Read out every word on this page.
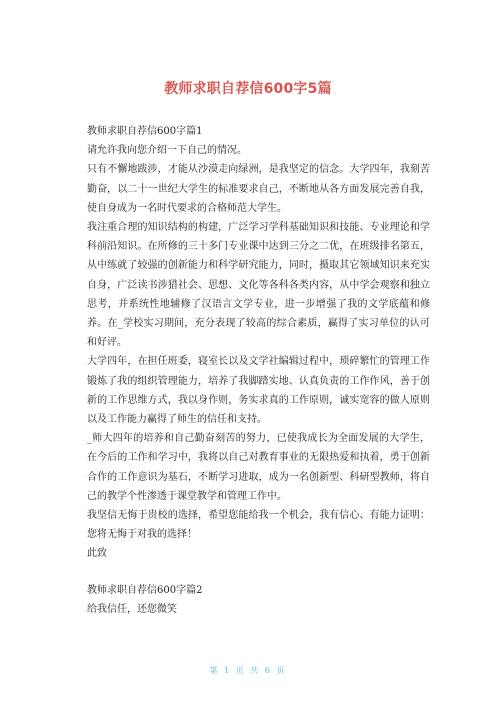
教师求职自荐信600字5篇

教师求职自荐信600字篇1

请允许我向您介绍一下自己的情况。

只有不懈地跋涉，才能从沙漠走向绿洲，是我坚定的信念。大学四年，我刻苦勤奋，以二十一世纪大学生的标准要求自己，不断地从各方面发展完善自我，使自身成为一名时代要求的合格师范大学生。

我注重合理的知识结构的构建，广泛学习学科基础知识和技能、专业理论和学科前沿知识。在所修的三十多门专业课中达到三分之二优，在班级排名第五，从中练就了较强的创新能力和科学研究能力，同时，摄取其它领域知识来充实自身，广泛读书涉猎社会、思想、文化等各科各类内容，从中学会观察和独立思考，并系统性地辅修了汉语言文学专业，进一步增强了我的文学底蕴和修养。在_学校实习期间，充分表现了较高的综合素质，赢得了实习单位的认可和好评。

大学四年，在担任班委，寝室长以及文学社编辑过程中，琐碎繁忙的管理工作锻炼了我的组织管理能力，培养了我脚踏实地、认真负责的工作作风，善于创新的工作思维方式，我以身作则，务实求真的工作原则，诚实宽容的做人原则以及工作能力赢得了师生的信任和支持。

_师大四年的培养和自己勤奋刻苦的努力，已使我成长为全面发展的大学生，在今后的工作和学习中，我将以自己对教育事业的无限热爱和执着，勇于创新合作的工作意识为基石，不断学习进取，成为一名创新型、科研型教师，将自己的教学个性渗透于课堂教学和管理工作中。

我坚信无悔于贵校的选择，希望您能给我一个机会，我有信心、有能力证明：您将无悔于对我的选择！

此致

教师求职自荐信600字篇2

给我信任，还您微笑

第 1 页 共 6 页
